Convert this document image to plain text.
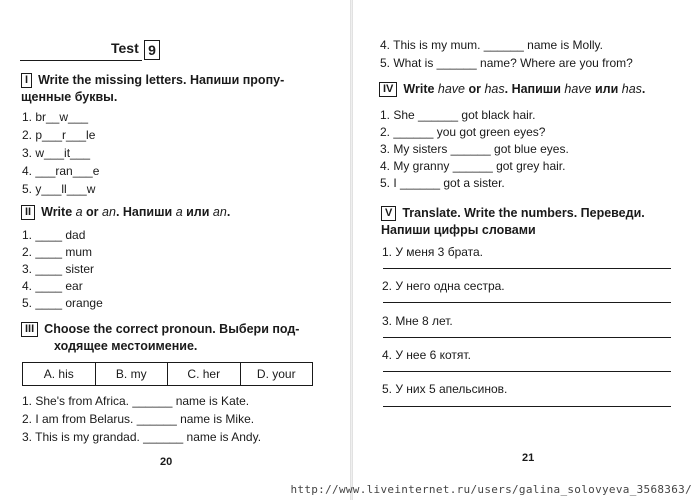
Test 9
I Write the missing letters. Напиши пропу-
щенные буквы.
1. br__w___
2. p___r___le
3. w___it___
4. ___ran___e
5. y___ll___w
II Write a or an. Напиши a или an.
1. ____ dad
2. ____ mum
3. ____ sister
4. ____ ear
5. ____ orange
III Choose the correct pronoun. Выбери под-
ходящее местоимение.
A. his	B. my	C. her	D. your
1. She's from Africa. ______ name is Kate.
2. I am from Belarus. ______ name is Mike.
3. This is my grandad. ______ name is Andy.
20
4. This is my mum. ______ name is Molly.
5. What is ______ name? Where are you from?
IV Write have or has. Напиши have или has.
1. She ______ got black hair.
2. ______ you got green eyes?
3. My sisters ______ got blue eyes.
4. My granny ______ got grey hair.
5. I ______ got a sister.
V Translate. Write the numbers. Переведи.
Напиши цифры словами
1. У меня 3 брата.
2. У него одна сестра.
3. Мне 8 лет.
4. У нее 6 котят.
5. У них 5 апельсинов.
21
http://www.liveinternet.ru/users/galina_solovyeva_3568363/
